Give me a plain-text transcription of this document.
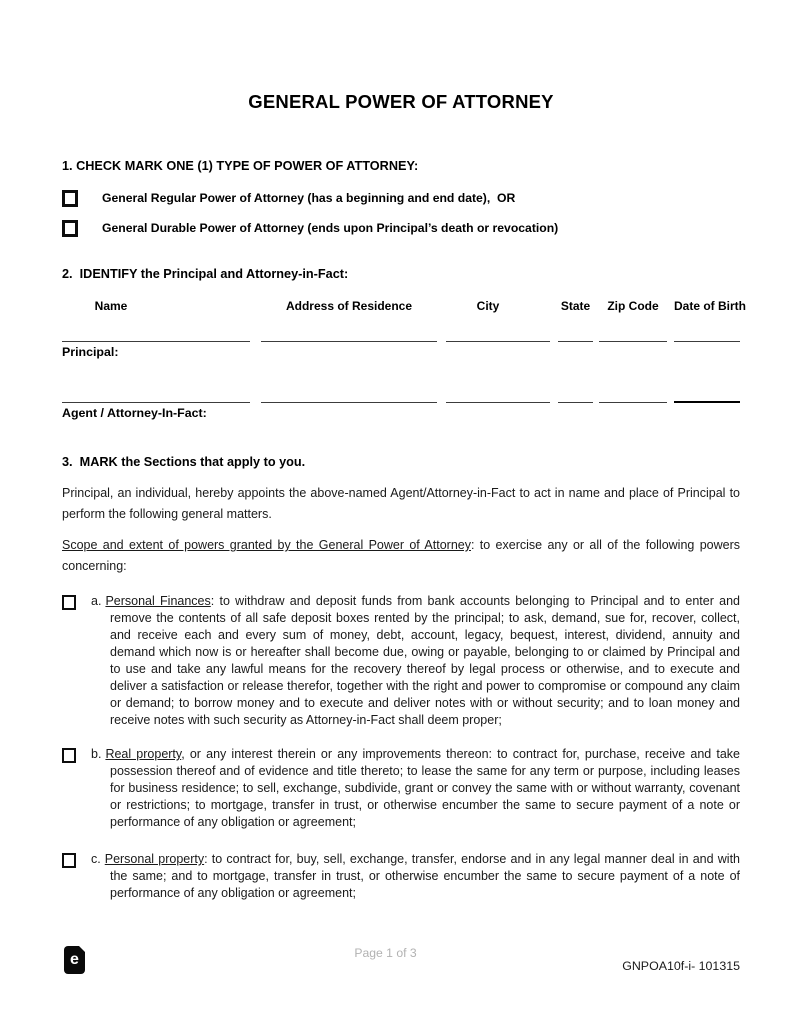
GENERAL POWER OF ATTORNEY
1. CHECK MARK ONE (1) TYPE OF POWER OF ATTORNEY:
General Regular Power of Attorney (has a beginning and end date),  OR
General Durable Power of Attorney (ends upon Principal’s death or revocation)
2.  IDENTIFY the Principal and Attorney-in-Fact:
Name	Address of Residence	City	State	Zip Code	Date of Birth
Principal:
Agent / Attorney-In-Fact:
3.  MARK the Sections that apply to you.

Principal, an individual, hereby appoints the above-named Agent/Attorney-in-Fact to act in name and place of Principal to perform the following general matters.

Scope and extent of powers granted by the General Power of Attorney: to exercise any or all of the following powers concerning:

a. Personal Finances: to withdraw and deposit funds from bank accounts belonging to Principal and to enter and remove the contents of all safe deposit boxes rented by the principal; to ask, demand, sue for, recover, collect, and receive each and every sum of money, debt, account, legacy, bequest, interest, dividend, annuity and demand which now is or hereafter shall become due, owing or payable, belonging to or claimed by Principal and to use and take any lawful means for the recovery thereof by legal process or otherwise, and to execute and deliver a satisfaction or release therefor, together with the right and power to compromise or compound any claim or demand; to borrow money and to execute and deliver notes with or without security; and to loan money and receive notes with such security as Attorney-in-Fact shall deem proper;

b. Real property, or any interest therein or any improvements thereon: to contract for, purchase, receive and take possession thereof and of evidence and title thereto; to lease the same for any term or purpose, including leases for business residence; to sell, exchange, subdivide, grant or convey the same with or without warranty, covenant or restrictions; to mortgage, transfer in trust, or otherwise encumber the same to secure payment of a note or performance of any obligation or agreement;

c. Personal property: to contract for, buy, sell, exchange, transfer, endorse and in any legal manner deal in and with the same; and to mortgage, transfer in trust, or otherwise encumber the same to secure payment of a note of performance of any obligation or agreement;

e	Page 1 of 3
GNPOA10f-i- 101315
